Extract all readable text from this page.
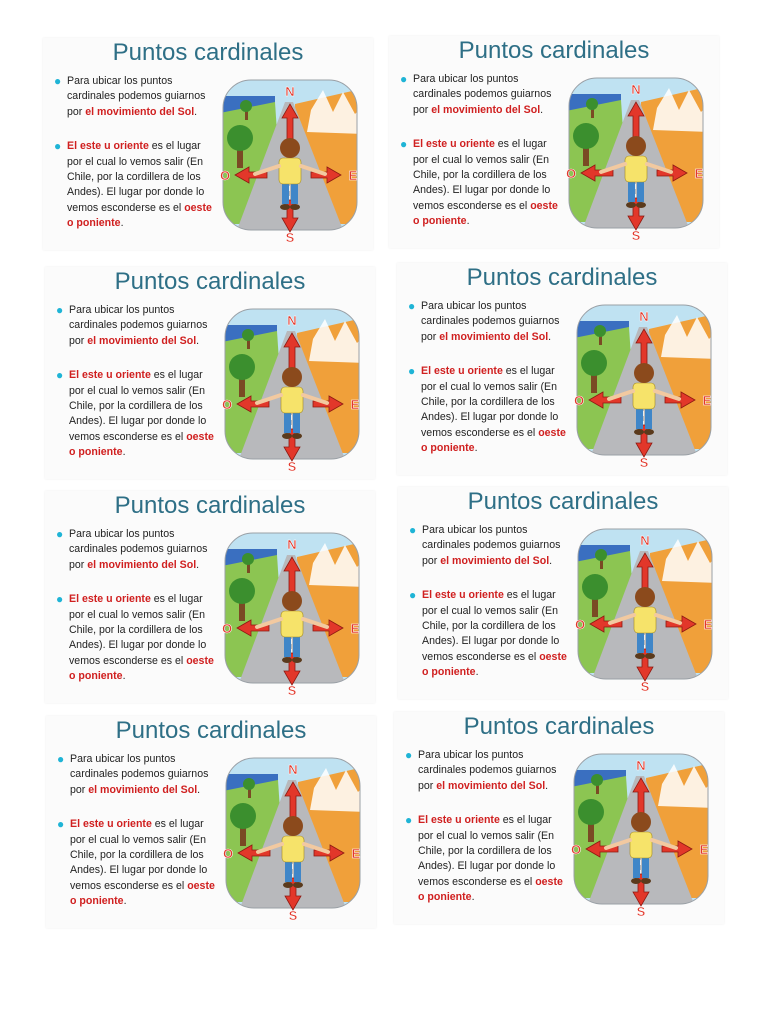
Puntos cardinales
● Para ubicar los puntos cardinales podemos guiarnos por el movimiento del Sol.
● El este u oriente es el lugar por el cual lo vemos salir (En Chile, por la cordillera de los Andes). El lugar por donde lo vemos esconderse es el oeste o poniente.
N
E
S
O
Puntos cardinales
● Para ubicar los puntos cardinales podemos guiarnos por el movimiento del Sol.
● El este u oriente es el lugar por el cual lo vemos salir (En Chile, por la cordillera de los Andes). El lugar por donde lo vemos esconderse es el oeste o poniente.
N
E
S
O
Puntos cardinales
● Para ubicar los puntos cardinales podemos guiarnos por el movimiento del Sol.
● El este u oriente es el lugar por el cual lo vemos salir (En Chile, por la cordillera de los Andes). El lugar por donde lo vemos esconderse es el oeste o poniente.
N
E
S
O
Puntos cardinales
● Para ubicar los puntos cardinales podemos guiarnos por el movimiento del Sol.
● El este u oriente es el lugar por el cual lo vemos salir (En Chile, por la cordillera de los Andes). El lugar por donde lo vemos esconderse es el oeste o poniente.
N
E
S
O
Puntos cardinales
● Para ubicar los puntos cardinales podemos guiarnos por el movimiento del Sol.
● El este u oriente es el lugar por el cual lo vemos salir (En Chile, por la cordillera de los Andes). El lugar por donde lo vemos esconderse es el oeste o poniente.
N
E
S
O
Puntos cardinales
● Para ubicar los puntos cardinales podemos guiarnos por el movimiento del Sol.
● El este u oriente es el lugar por el cual lo vemos salir (En Chile, por la cordillera de los Andes). El lugar por donde lo vemos esconderse es el oeste o poniente.
N
E
S
O
Puntos cardinales
● Para ubicar los puntos cardinales podemos guiarnos por el movimiento del Sol.
● El este u oriente es el lugar por el cual lo vemos salir (En Chile, por la cordillera de los Andes). El lugar por donde lo vemos esconderse es el oeste o poniente.
N
E
S
O
Puntos cardinales
● Para ubicar los puntos cardinales podemos guiarnos por el movimiento del Sol.
● El este u oriente es el lugar por el cual lo vemos salir (En Chile, por la cordillera de los Andes). El lugar por donde lo vemos esconderse es el oeste o poniente.
N
E
S
O
